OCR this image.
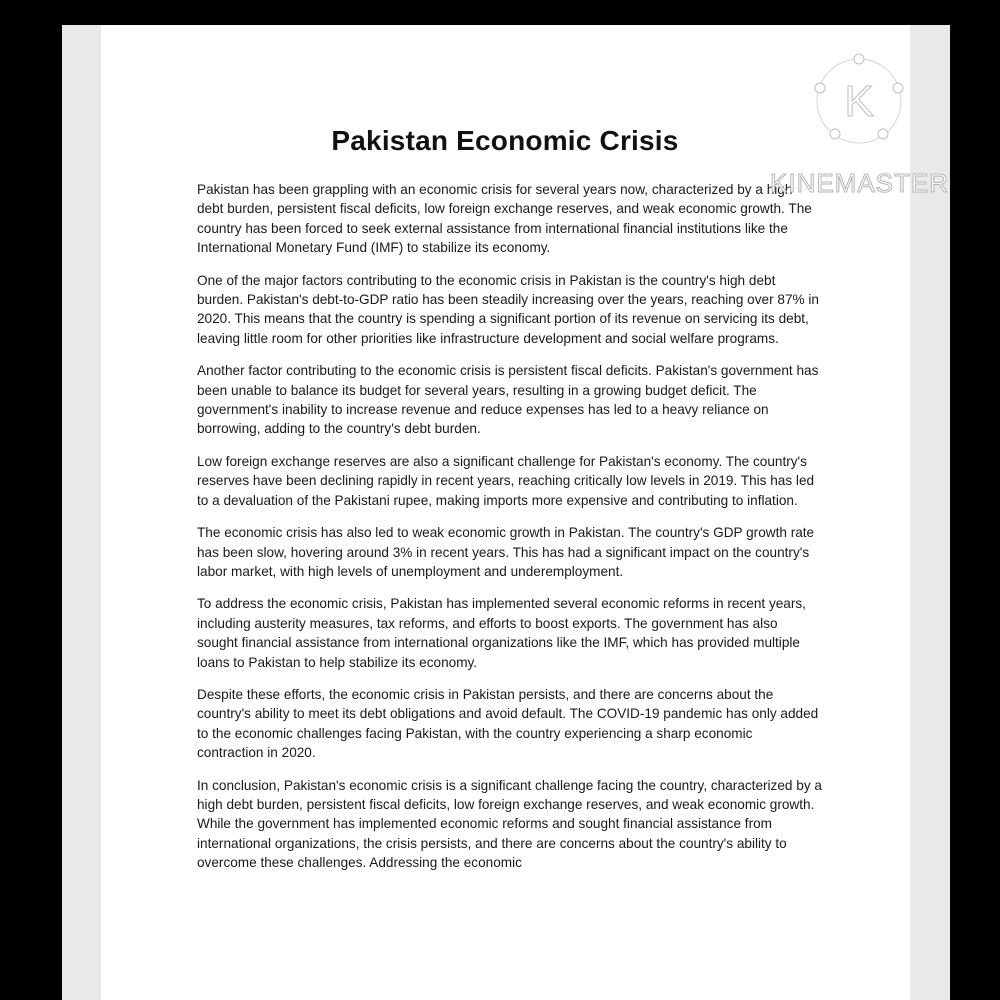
Pakistan Economic Crisis

Pakistan has been grappling with an economic crisis for several years now, characterized by a high debt burden, persistent fiscal deficits, low foreign exchange reserves, and weak economic growth. The country has been forced to seek external assistance from international financial institutions like the International Monetary Fund (IMF) to stabilize its economy.

One of the major factors contributing to the economic crisis in Pakistan is the country's high debt burden. Pakistan's debt-to-GDP ratio has been steadily increasing over the years, reaching over 87% in 2020. This means that the country is spending a significant portion of its revenue on servicing its debt, leaving little room for other priorities like infrastructure development and social welfare programs.

Another factor contributing to the economic crisis is persistent fiscal deficits. Pakistan's government has been unable to balance its budget for several years, resulting in a growing budget deficit. The government's inability to increase revenue and reduce expenses has led to a heavy reliance on borrowing, adding to the country's debt burden.

Low foreign exchange reserves are also a significant challenge for Pakistan's economy. The country's reserves have been declining rapidly in recent years, reaching critically low levels in 2019. This has led to a devaluation of the Pakistani rupee, making imports more expensive and contributing to inflation.

The economic crisis has also led to weak economic growth in Pakistan. The country's GDP growth rate has been slow, hovering around 3% in recent years. This has had a significant impact on the country's labor market, with high levels of unemployment and underemployment.

To address the economic crisis, Pakistan has implemented several economic reforms in recent years, including austerity measures, tax reforms, and efforts to boost exports. The government has also sought financial assistance from international organizations like the IMF, which has provided multiple loans to Pakistan to help stabilize its economy.

Despite these efforts, the economic crisis in Pakistan persists, and there are concerns about the country's ability to meet its debt obligations and avoid default. The COVID-19 pandemic has only added to the economic challenges facing Pakistan, with the country experiencing a sharp economic contraction in 2020.

In conclusion, Pakistan's economic crisis is a significant challenge facing the country, characterized by a high debt burden, persistent fiscal deficits, low foreign exchange reserves, and weak economic growth. While the government has implemented economic reforms and sought financial assistance from international organizations, the crisis persists, and there are concerns about the country's ability to overcome these challenges. Addressing the economic

K
KINEMASTER
